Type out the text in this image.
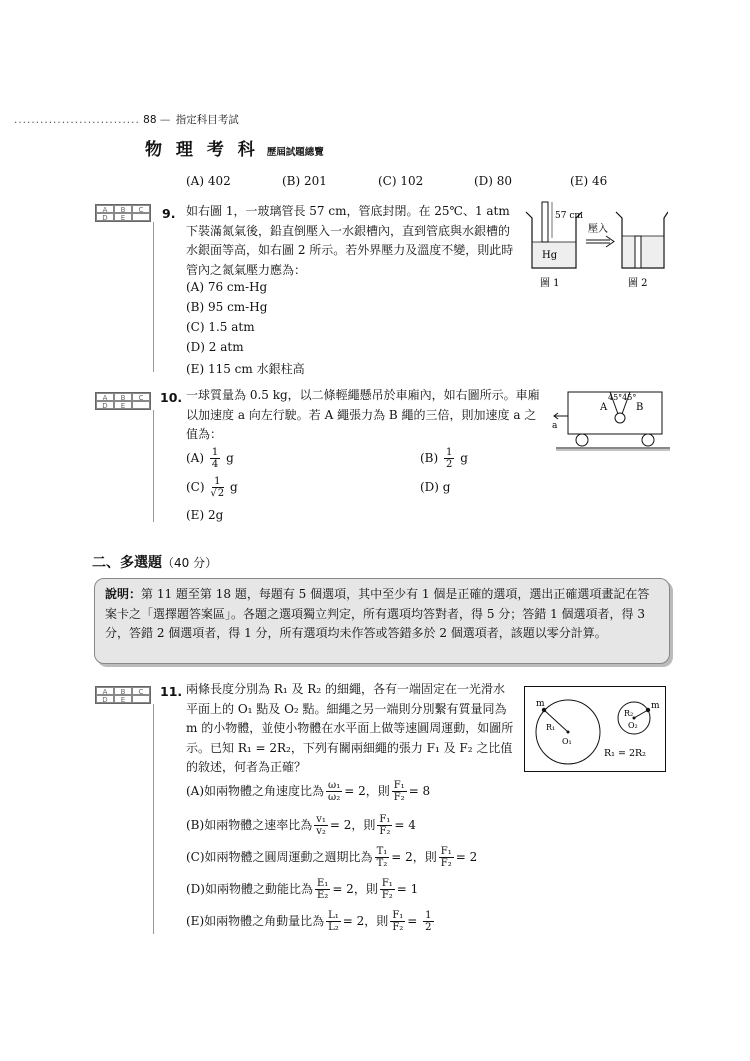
............................. 88 — 指定科目考試
物 理 考 科 歷屆試題總覽
(A) 402	(B) 201	(C) 102	(D) 80	(E) 46
A	B	C
D	E	9. 如右圖 1，一玻璃管長 57 cm，管底封閉。在 25℃、1 atm 下裝滿氮氣後，鉛直倒壓入一水銀槽內，直到管底與水銀槽的水銀面等高，如右圖 2 所示。若外界壓力及溫度不變，則此時管內之氮氣壓力應為：
(A) 76 cm-Hg
(B) 95 cm-Hg
(C) 1.5 atm
(D) 2 atm
(E) 115 cm 水銀柱高
57 cm
Hg
壓入
圖 1	圖 2
A	B	C
D	E
10. 一球質量為 0.5 kg，以二條輕繩懸吊於車廂內，如右圖所示。車廂以加速度 a 向左行駛。若 A 繩張力為 B 繩的三倍，則加速度 a 之值為：
$(A) \frac{1}{4}$ g	$(B) \frac{1}{2}$ g
$(C) \frac{1}{√2}$ g	(D) g
(E) 2g
45°45°
A	B
a
二、多選題（40 分）
說明：第 11 題至第 18 題，每題有 5 個選項，其中至少有 1 個是正確的選項，選出正確選項畫記在答案卡之「選擇題答案區」。各題之選項獨立判定，所有選項均答對者，得 5 分；答錯 1 個選項者，得 3 分，答錯 2 個選項者，得 1 分，所有選項均未作答或答錯多於 2 個選項者，該題以零分計算。
A	B	C
D	E
11. 兩條長度分別為 R₁ 及 R₂ 的細繩，各有一端固定在一光滑水平面上的 O₁ 點及 O₂ 點。細繩之另一端則分別繫有質量同為 m 的小物體，並使小物體在水平面上做等速圓周運動，如圖所示。已知 R₁ = 2R₂，下列有關兩細繩的張力 F₁ 及 F₂ 之比值的敘述，何者為正確？
(A)如兩物體之角速度比為 $\frac{\text{ω₁}}{\text{ω₂}} = 2$，則 $\frac{\text{F₁}}{\text{F₂}} = 8$
(B)如兩物體之速率比為 $\frac{\text{v₁}}{\text{v₂}} = 2$，則 $\frac{\text{F₁}}{\text{F₂}} = 4$
(C)如兩物體之圓周運動之週期比為 $\frac{\text{T₁}}{\text{T₂}} = 2$，則 $\frac{\text{F₁}}{\text{F₂}} = 2$
(D)如兩物體之動能比為 $\frac{\text{E₁}}{\text{E₂}} = 2$，則 $\frac{\text{F₁}}{\text{F₂}} = 1$
(E)如兩物體之角動量比為 $\frac{\text{L₁}}{\text{L₂}} = 2$，則 $\frac{\text{F₁}}{\text{F₂}} = \frac{1}{2}$
m
R₁
O₁
m
R₂
O₂
R₁ = 2R₂
